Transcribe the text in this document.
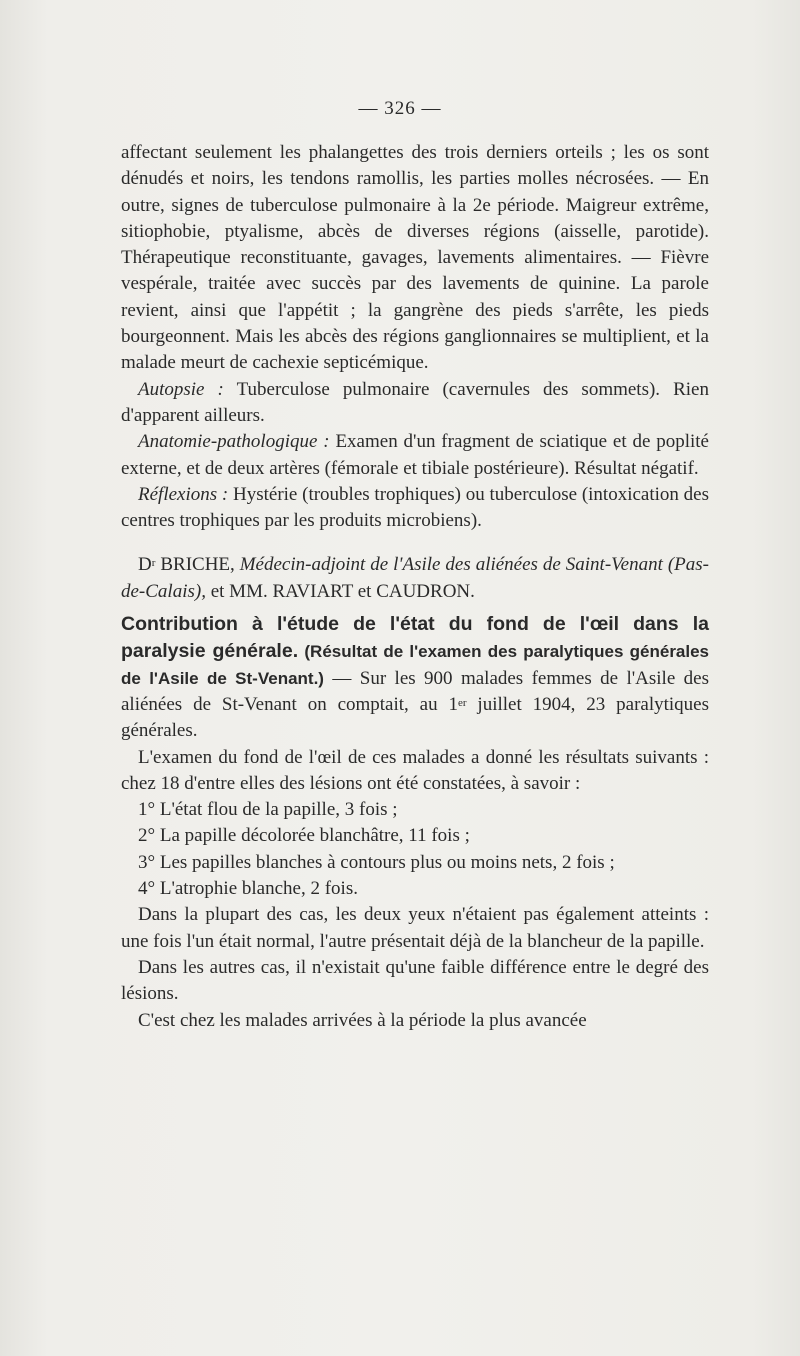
— 326 —

affectant seulement les phalangettes des trois derniers orteils ; les os sont dénudés et noirs, les tendons ramollis, les parties molles nécrosées. — En outre, signes de tuberculose pulmonaire à la 2e période. Maigreur extrême, sitiophobie, ptyalisme, abcès de diverses régions (aisselle, parotide). Thérapeutique reconstituante, gavages, lavements alimentaires. — Fièvre vespérale, traitée avec succès par des lavements de quinine. La parole revient, ainsi que l'appétit ; la gangrène des pieds s'arrête, les pieds bourgeonnent. Mais les abcès des régions ganglionnaires se multiplient, et la malade meurt de cachexie septicémique.

Autopsie : Tuberculose pulmonaire (cavernules des sommets). Rien d'apparent ailleurs.

Anatomie-pathologique : Examen d'un fragment de sciatique et de poplité externe, et de deux artères (fémorale et tibiale postérieure). Résultat négatif.

Réflexions : Hystérie (troubles trophiques) ou tuberculose (intoxication des centres trophiques par les produits microbiens).

$D^r$ BRICHE, Médecin-adjoint de l'Asile des aliénées de Saint-Venant (Pas-de-Calais), et MM. RAVIART et CAUDRON.

Contribution à l'étude de l'état du fond de l'œil dans la paralysie générale. (Résultat de l'examen des paralytiques générales de l'Asile de St-Venant.) — Sur les 900 malades femmes de l'Asile des aliénées de St-Venant on comptait, au 1er juillet 1904, 23 paralytiques générales.

L'examen du fond de l'œil de ces malades a donné les résultats suivants : chez 18 d'entre elles des lésions ont été constatées, à savoir :

1° L'état flou de la papille, 3 fois ;

2° La papille décolorée blanchâtre, 11 fois ;

3° Les papilles blanches à contours plus ou moins nets, 2 fois ;

4° L'atrophie blanche, 2 fois.

Dans la plupart des cas, les deux yeux n'étaient pas également atteints : une fois l'un était normal, l'autre présentait déjà de la blancheur de la papille.

Dans les autres cas, il n'existait qu'une faible différence entre le degré des lésions.

C'est chez les malades arrivées à la période la plus avancée
